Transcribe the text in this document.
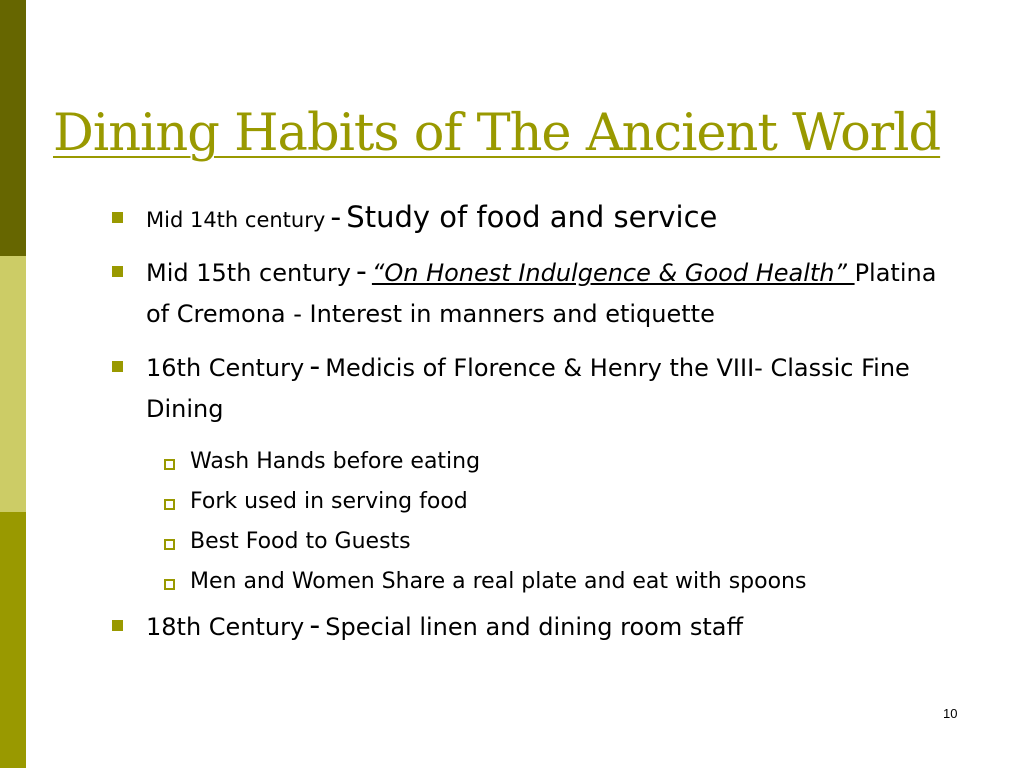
Dining Habits of The Ancient World
Mid 14th century - Study of food and service
Mid 15th century - “On Honest Indulgence & Good Health” Platina of Cremona - Interest in manners and etiquette
16th Century - Medicis of Florence & Henry the VIII- Classic Fine Dining
Wash Hands before eating
Fork used in serving food
Best Food to Guests
Men and Women Share a real plate and eat with spoons
18th Century - Special linen and dining room staff
10
